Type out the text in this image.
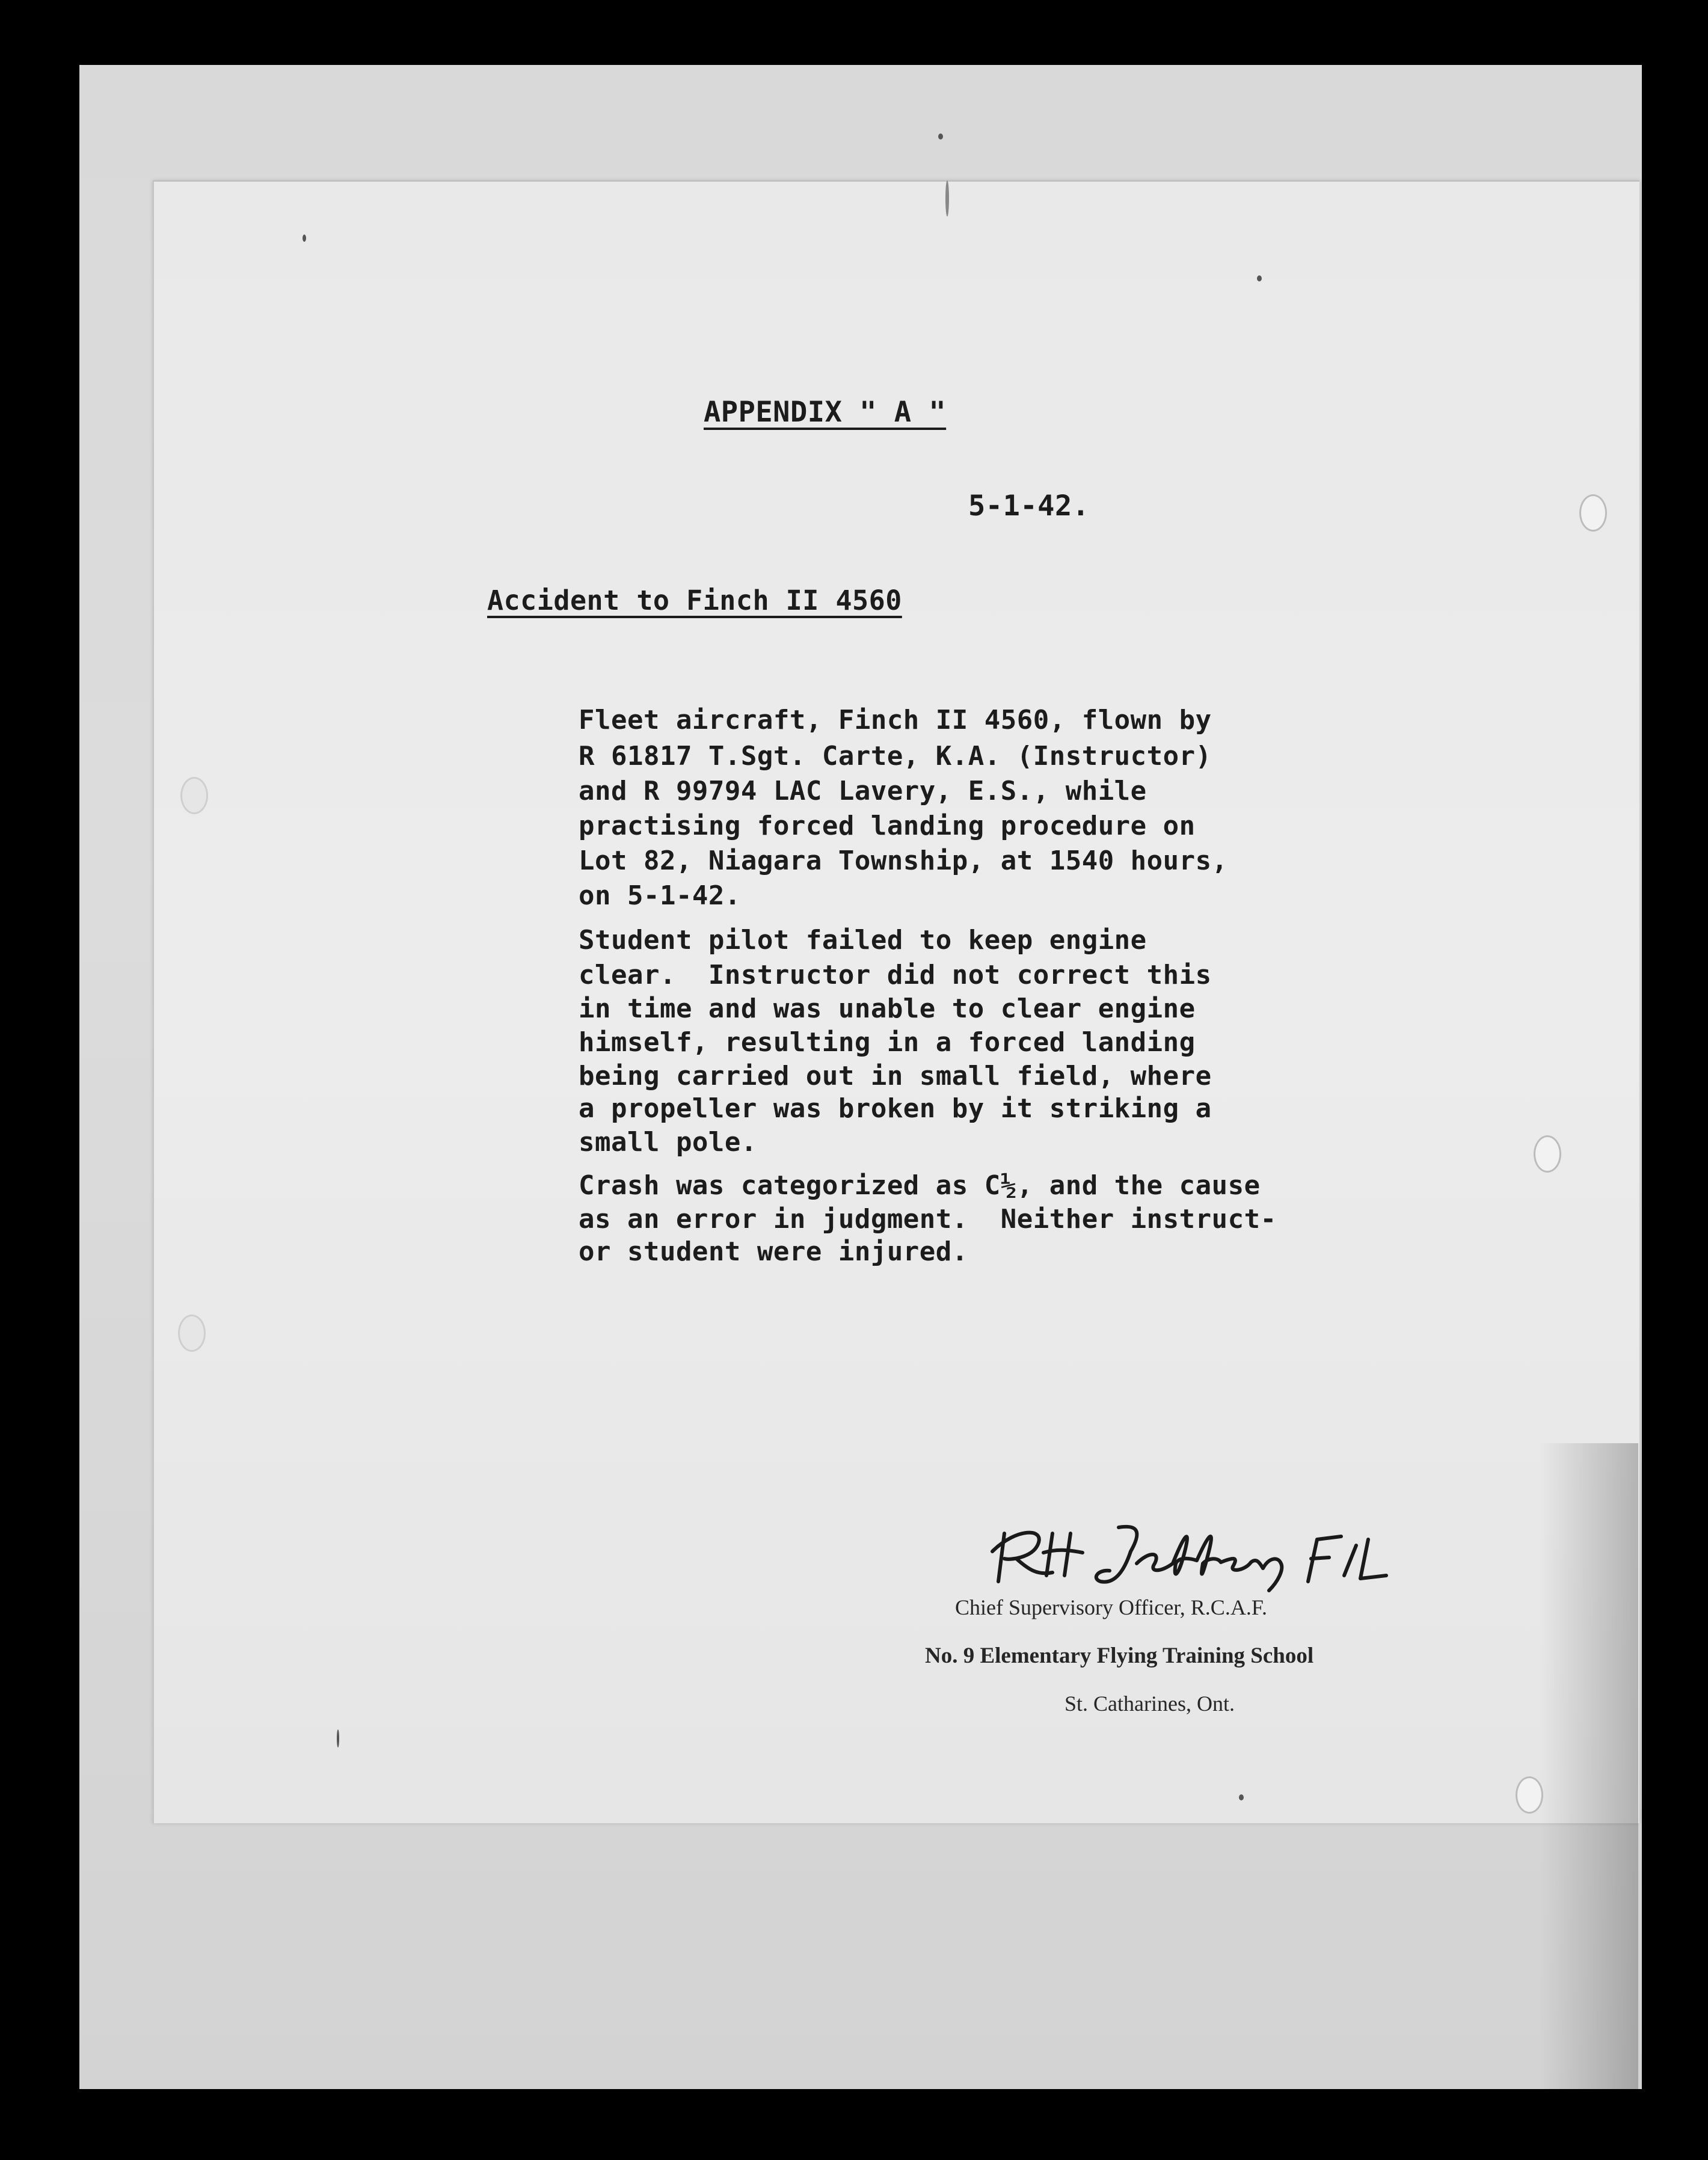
APPENDIX " A "
5-1-42.
Accident to Finch II 4560
Fleet aircraft, Finch II 4560, flown by
R 61817 T.Sgt. Carte, K.A. (Instructor)
and R 99794 LAC Lavery, E.S., while
practising forced landing procedure on
Lot 82, Niagara Township, at 1540 hours,
on 5-1-42.
Student pilot failed to keep engine
clear.  Instructor did not correct this
in time and was unable to clear engine
himself, resulting in a forced landing
being carried out in small field, where
a propeller was broken by it striking a
small pole.
Crash was categorized as C½, and the cause
as an error in judgment.  Neither instruct-
or student were injured.
Chief Supervisory Officer, R.C.A.F.
No. 9 Elementary Flying Training School
St. Catharines, Ont.
